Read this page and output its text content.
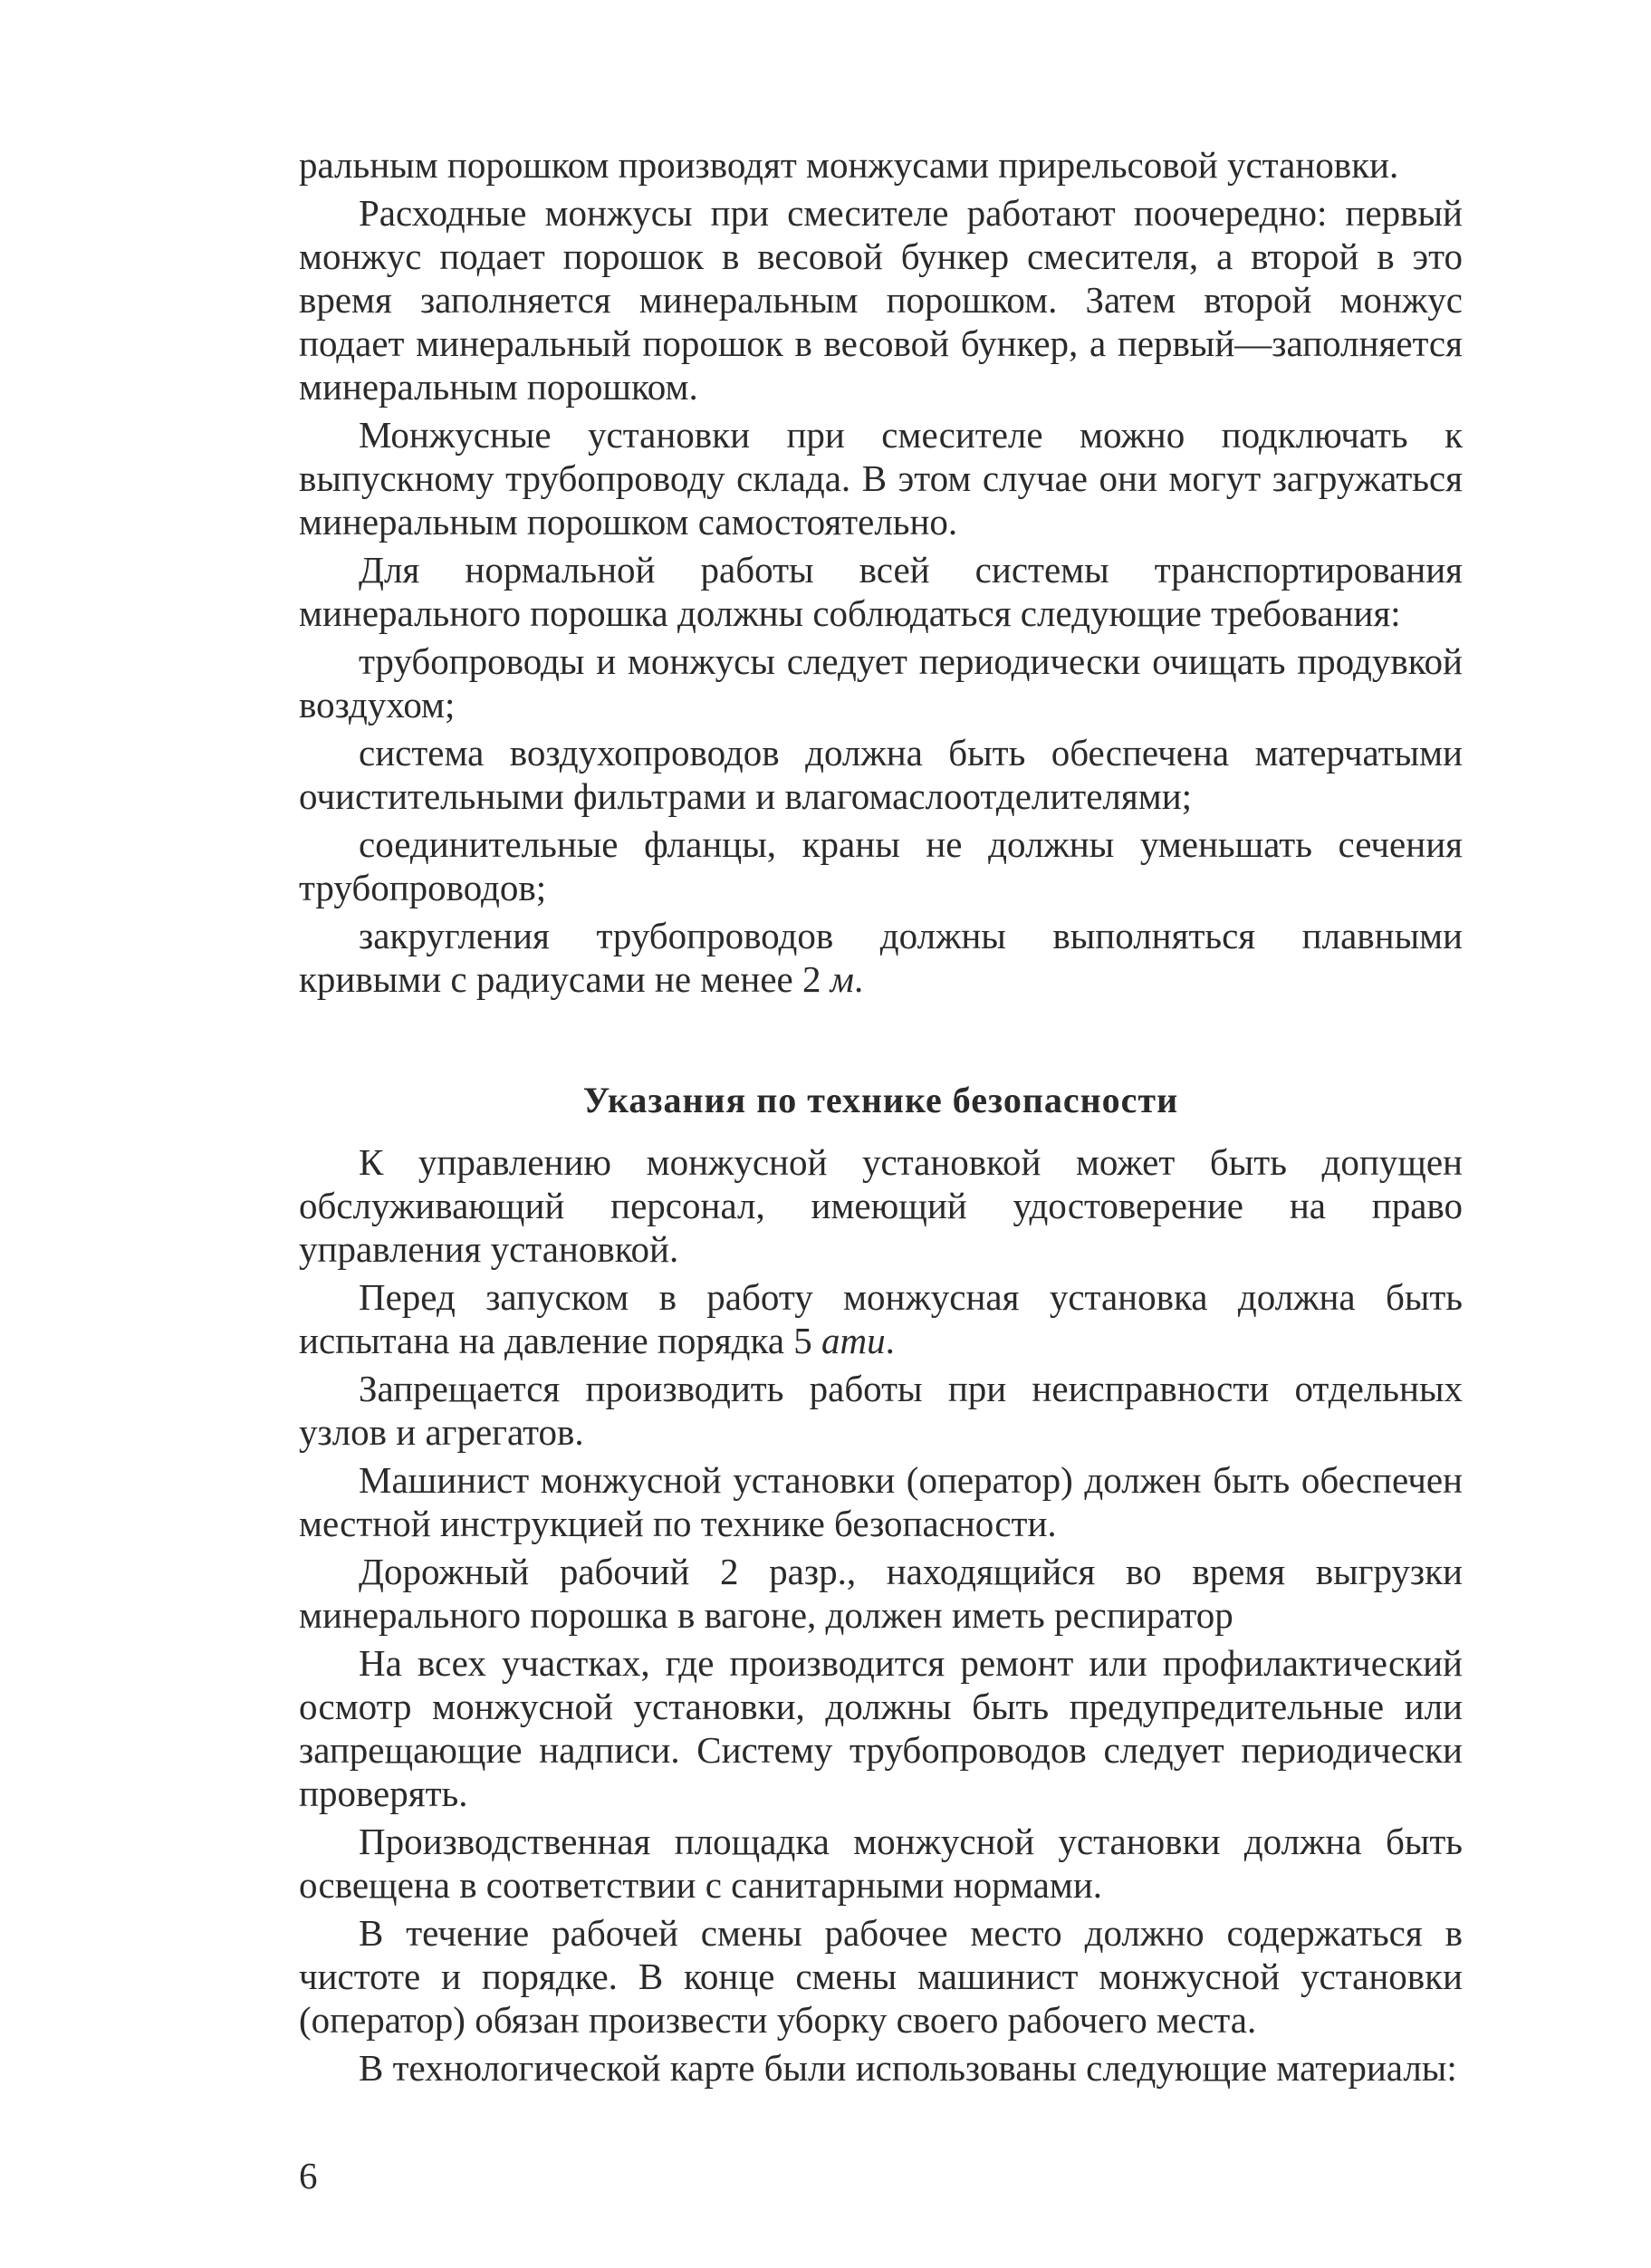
ральным порошком производят монжусами прирельсовой установки.

Расходные монжусы при смесителе работают поочередно: первый монжус подает порошок в весовой бункер смесителя, а второй в это время заполняется минеральным порошком. Затем второй монжус подает минеральный порошок в весовой бункер, а первый—заполняется минеральным порошком.

Монжусные установки при смесителе можно подключать к выпускному трубопроводу склада. В этом случае они могут загружаться минеральным порошком самостоятельно.

Для нормальной работы всей системы транспортирования минерального порошка должны соблюдаться следующие требования:

трубопроводы и монжусы следует периодически очищать продувкой воздухом;

система воздухопроводов должна быть обеспечена матерчатыми очистительными фильтрами и влагомаслоотделителями;

соединительные фланцы, краны не должны уменьшать сечения трубопроводов;

закругления трубопроводов должны выполняться плавными кривыми с радиусами не менее 2 м.

Указания по технике безопасности

К управлению монжусной установкой может быть допущен обслуживающий персонал, имеющий удостоверение на право управления установкой.

Перед запуском в работу монжусная установка должна быть испытана на давление порядка 5 ати.

Запрещается производить работы при неисправности отдельных узлов и агрегатов.

Машинист монжусной установки (оператор) должен быть обеспечен местной инструкцией по технике безопасности.

Дорожный рабочий 2 разр., находящийся во время выгрузки минерального порошка в вагоне, должен иметь респиратор

На всех участках, где производится ремонт или профилактический осмотр монжусной установки, должны быть предупредительные или запрещающие надписи. Систему трубопроводов следует периодически проверять.

Производственная площадка монжусной установки должна быть освещена в соответствии с санитарными нормами.

В течение рабочей смены рабочее место должно содержаться в чистоте и порядке. В конце смены машинист монжусной установки (оператор) обязан произвести уборку своего рабочего места.

В технологической карте были использованы следующие материалы:

6
